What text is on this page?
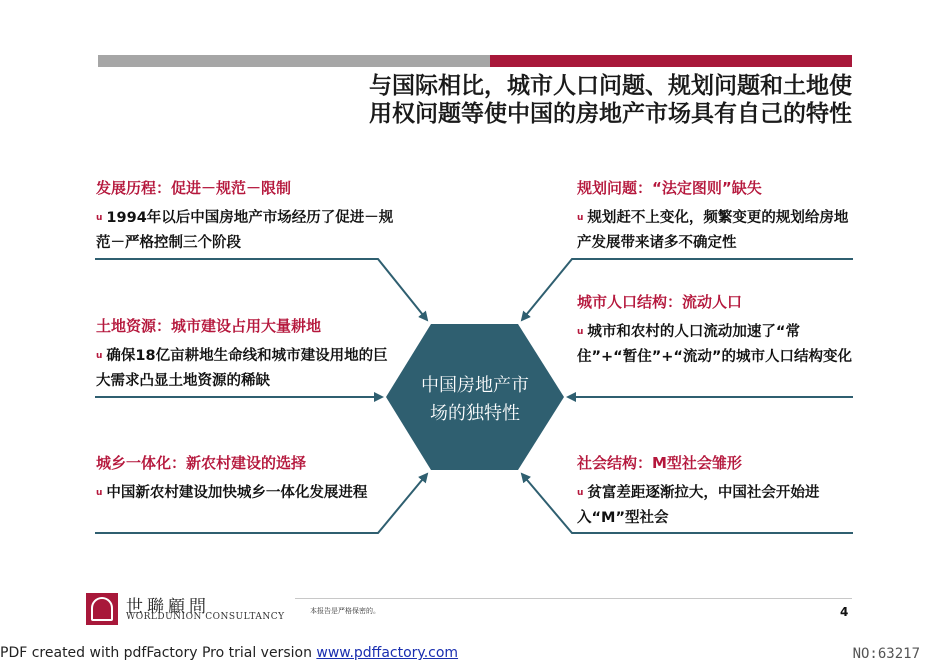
与国际相比，城市人口问题、规划问题和土地使
用权问题等使中国的房地产市场具有自己的特性
中国房地产市
场的独特性
发展历程：促进－规范－限制
u 1994年以后中国房地产市场经历了促进－规范－严格控制三个阶段
土地资源：城市建设占用大量耕地
u 确保18亿亩耕地生命线和城市建设用地的巨大需求凸显土地资源的稀缺
城乡一体化：新农村建设的选择
u 中国新农村建设加快城乡一体化发展进程
规划问题：“法定图则”缺失
u 规划赶不上变化，频繁变更的规划给房地产发展带来诸多不确定性
城市人口结构：流动人口
u 城市和农村的人口流动加速了“常住”+“暂住”+“流动”的城市人口结构变化
社会结构：M型社会雏形
u 贫富差距逐渐拉大，中国社会开始进入“M”型社会
世聯顧問
WORLDUNION CONSULTANCY
本报告是严格保密的。	4
PDF created with pdfFactory Pro trial version www.pdffactory.com	NO:63217
